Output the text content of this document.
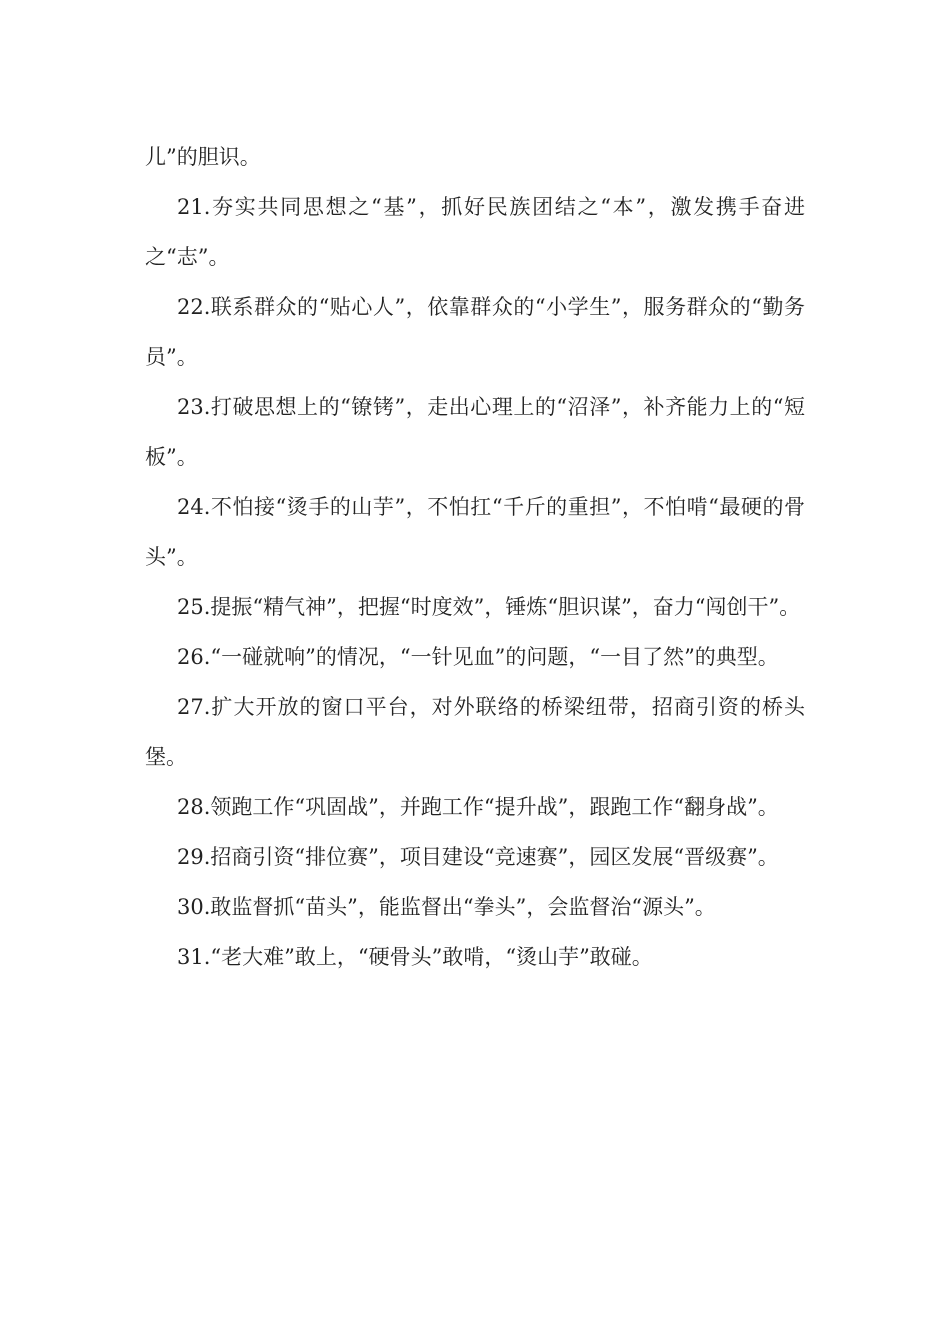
儿”的胆识。

21.夯实共同思想之“基”，抓好民族团结之“本”，激发携手奋进之“志”。

22.联系群众的“贴心人”，依靠群众的“小学生”，服务群众的“勤务员”。

23.打破思想上的“镣铐”，走出心理上的“沼泽”，补齐能力上的“短板”。

24.不怕接“烫手的山芋”，不怕扛“千斤的重担”，不怕啃“最硬的骨头”。

25.提振“精气神”，把握“时度效”，锤炼“胆识谋”，奋力“闯创干”。

26.“一碰就响”的情况，“一针见血”的问题，“一目了然”的典型。

27.扩大开放的窗口平台，对外联络的桥梁纽带，招商引资的桥头堡。

28.领跑工作“巩固战”，并跑工作“提升战”，跟跑工作“翻身战”。

29.招商引资“排位赛”，项目建设“竞速赛”，园区发展“晋级赛”。

30.敢监督抓“苗头”，能监督出“拳头”，会监督治“源头”。

31.“老大难”敢上，“硬骨头”敢啃，“烫山芋”敢碰。
